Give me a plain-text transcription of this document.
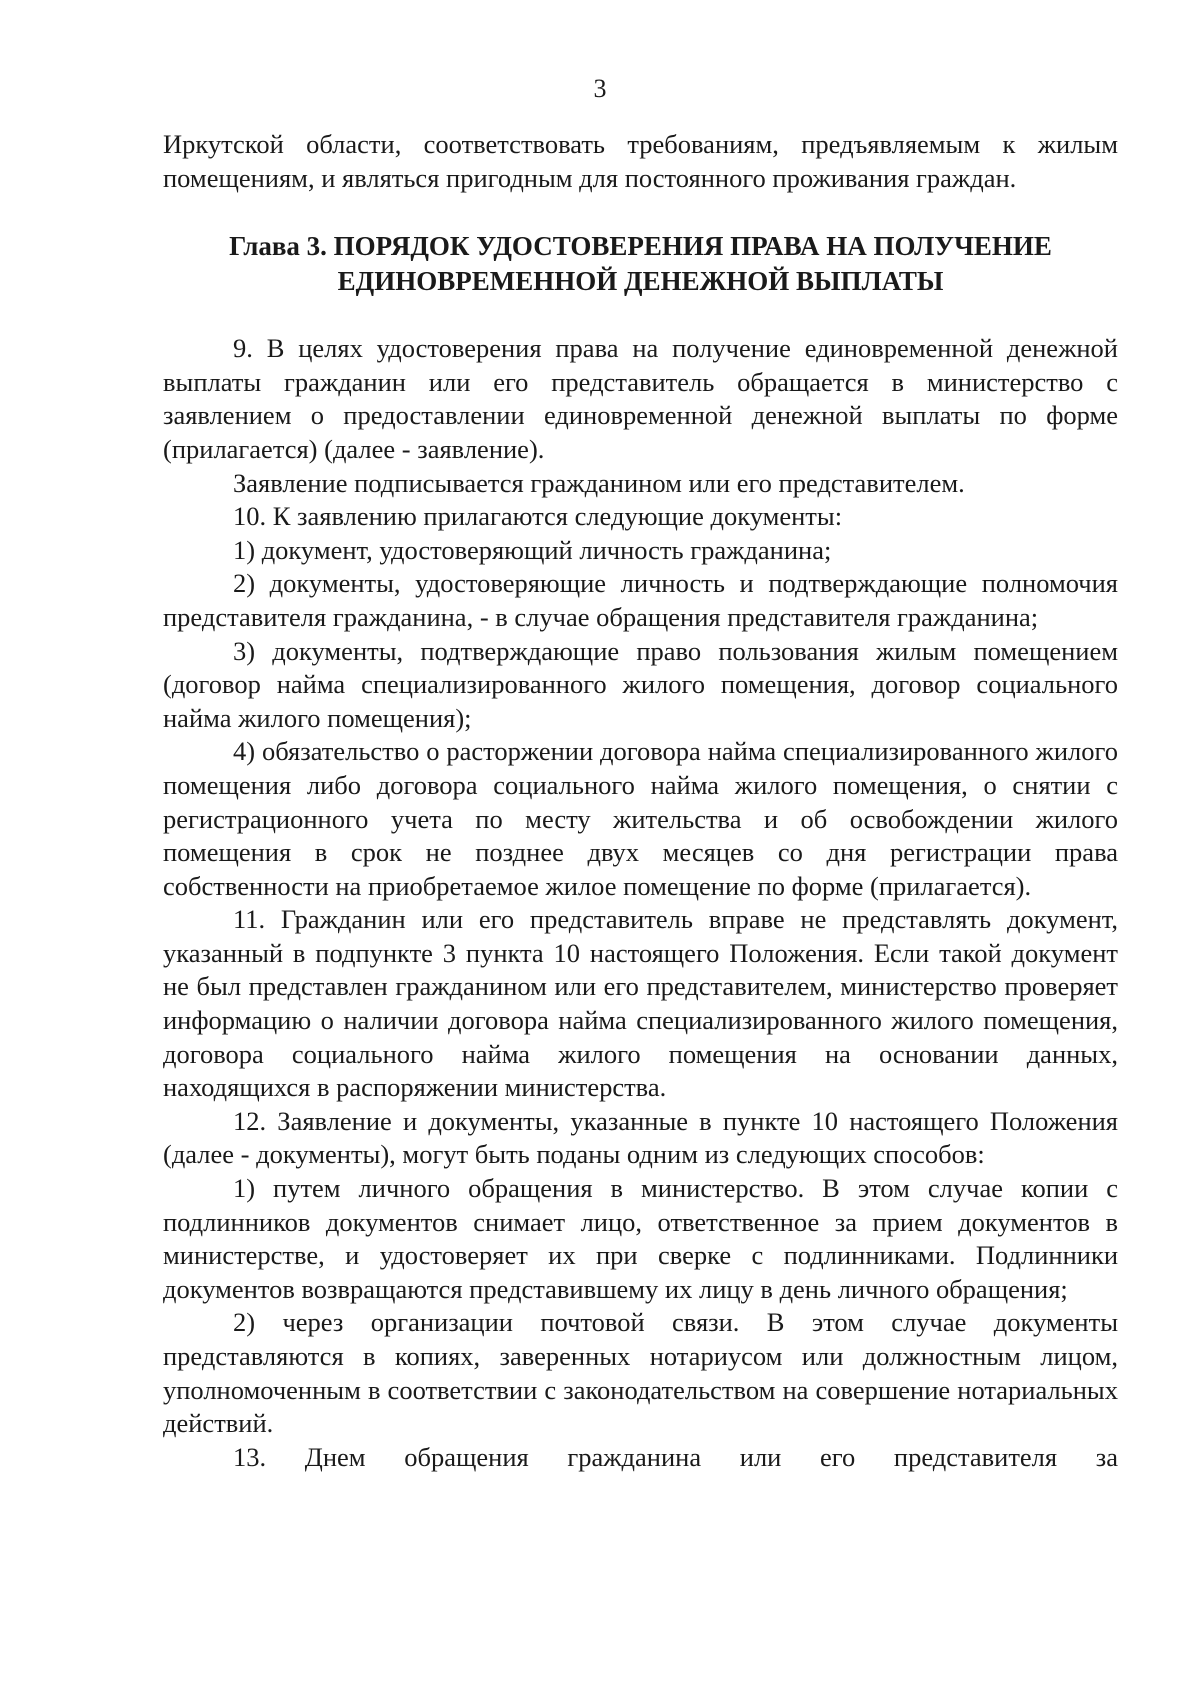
3

Иркутской области, соответствовать требованиям, предъявляемым к жилым помещениям, и являться пригодным для постоянного проживания граждан.

Глава 3. ПОРЯДОК УДОСТОВЕРЕНИЯ ПРАВА НА ПОЛУЧЕНИЕ
ЕДИНОВРЕМЕННОЙ ДЕНЕЖНОЙ ВЫПЛАТЫ

9. В целях удостоверения права на получение единовременной денежной выплаты гражданин или его представитель обращается в министерство с заявлением о предоставлении единовременной денежной выплаты по форме (прилагается) (далее - заявление).

Заявление подписывается гражданином или его представителем.

10. К заявлению прилагаются следующие документы:

1) документ, удостоверяющий личность гражданина;

2) документы, удостоверяющие личность и подтверждающие полномочия представителя гражданина, - в случае обращения представителя гражданина;

3) документы, подтверждающие право пользования жилым помещением (договор найма специализированного жилого помещения, договор социального найма жилого помещения);

4) обязательство о расторжении договора найма специализированного жилого помещения либо договора социального найма жилого помещения, о снятии с регистрационного учета по месту жительства и об освобождении жилого помещения в срок не позднее двух месяцев со дня регистрации права собственности на приобретаемое жилое помещение по форме (прилагается).

11. Гражданин или его представитель вправе не представлять документ, указанный в подпункте 3 пункта 10 настоящего Положения. Если такой документ не был представлен гражданином или его представителем, министерство проверяет информацию о наличии договора найма специализированного жилого помещения, договора социального найма жилого помещения на основании данных, находящихся в распоряжении министерства.

12. Заявление и документы, указанные в пункте 10 настоящего Положения (далее - документы), могут быть поданы одним из следующих способов:

1) путем личного обращения в министерство. В этом случае копии с подлинников документов снимает лицо, ответственное за прием документов в министерстве, и удостоверяет их при сверке с подлинниками. Подлинники документов возвращаются представившему их лицу в день личного обращения;

2) через организации почтовой связи. В этом случае документы представляются в копиях, заверенных нотариусом или должностным лицом, уполномоченным в соответствии с законодательством на совершение нотариальных действий.

13. Днем обращения гражданина или его представителя за
